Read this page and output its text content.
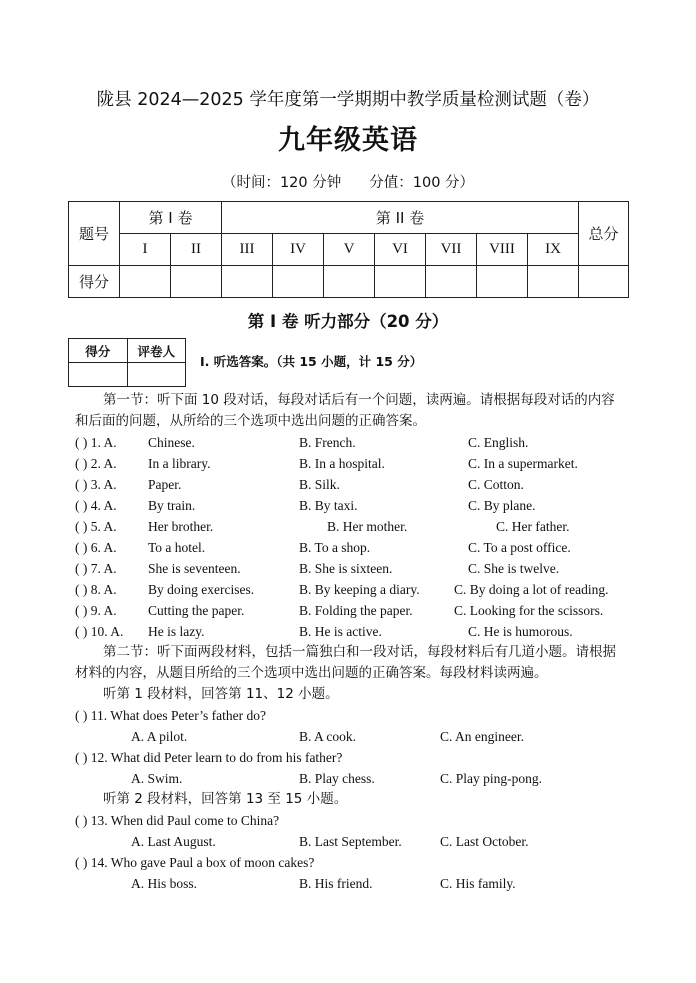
陇县 2024—2025 学年度第一学期期中教学质量检测试题（卷）
九年级英语
（时间：120 分钟 分值：100 分）
题号	第 I 卷		第 II 卷							总分
	I	II	III	IV	V	VI	VII	VIII	IX	
得分										
第 I 卷 听力部分（20 分）
得分	评卷人

I. 听选答案。（共 15 小题，计 15 分）
第一节：听下面 10 段对话，每段对话后有一个问题，读两遍。请根据每段对话的内容和后面的问题，从所给的三个选项中选出问题的正确答案。
( ) 1. A. Chinese.	B. French.	C. English.
( ) 2. A. In a library.	B. In a hospital.	C. In a supermarket.
( ) 3. A. Paper.	B. Silk.	C. Cotton.
( ) 4. A. By train.	B. By taxi.	C. By plane.
( ) 5. A. Her brother.	B. Her mother.	C. Her father.
( ) 6. A. To a hotel.	B. To a shop.	C. To a post office.
( ) 7. A. She is seventeen.	B. She is sixteen.	C. She is twelve.
( ) 8. A. By doing exercises.	B. By keeping a diary.	C. By doing a lot of reading.
( ) 9. A. Cutting the paper.	B. Folding the paper.	C. Looking for the scissors.
( ) 10. A. He is lazy.	B. He is active.	C. He is humorous.
第二节：听下面两段材料，包括一篇独白和一段对话，每段材料后有几道小题。请根据材料的内容，从题目所给的三个选项中选出问题的正确答案。每段材料读两遍。
听第 1 段材料，回答第 11、12 小题。
( ) 11. What does Peter’s father do?
A. A pilot.	B. A cook.	C. An engineer.
( ) 12. What did Peter learn to do from his father?
A. Swim.	B. Play chess.	C. Play ping-pong.
听第 2 段材料，回答第 13 至 15 小题。
( ) 13. When did Paul come to China?
A. Last August.	B. Last September.	C. Last October.
( ) 14. Who gave Paul a box of moon cakes?
A. His boss.	B. His friend.	C. His family.
